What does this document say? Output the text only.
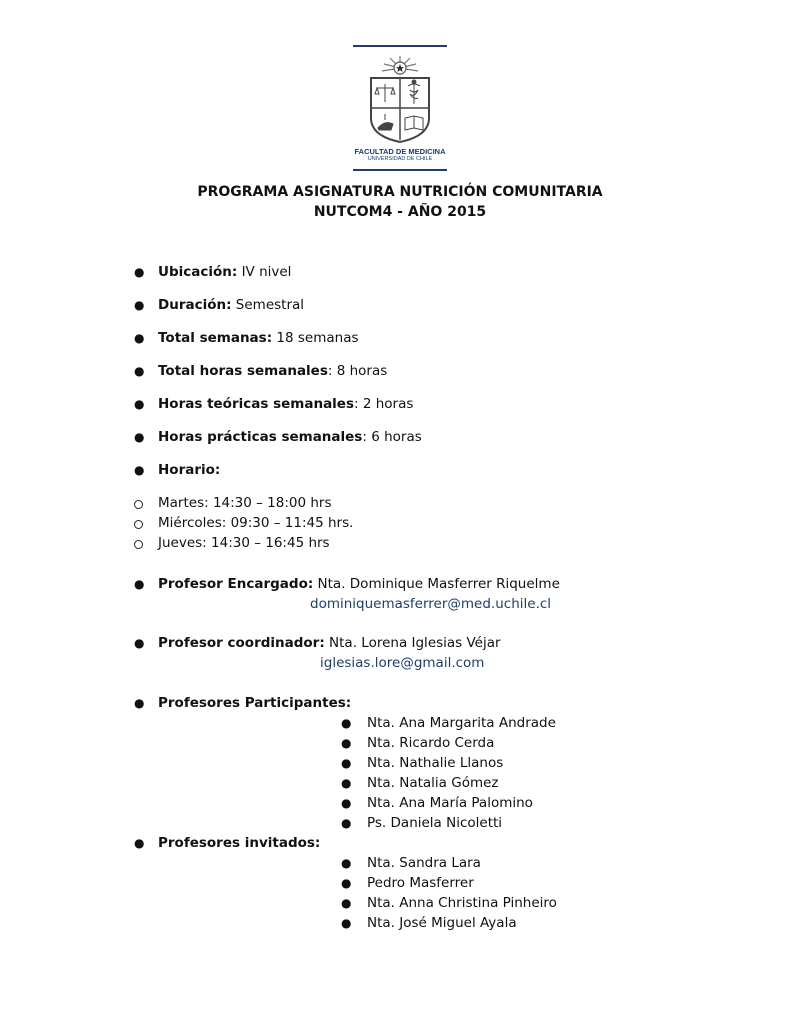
FACULTAD DE MEDICINA
UNIVERSIDAD DE CHILE
PROGRAMA ASIGNATURA NUTRICIÓN COMUNITARIA
NUTCOM4 - AÑO 2015
● Ubicación: IV nivel
● Duración: Semestral
● Total semanas: 18 semanas
● Total horas semanales: 8 horas
● Horas teóricas semanales: 2 horas
● Horas prácticas semanales: 6 horas
● Horario:
Martes: 14:30 – 18:00 hrs
Miércoles: 09:30 – 11:45 hrs.
Jueves: 14:30 – 16:45 hrs
● Profesor Encargado: Nta. Dominique Masferrer Riquelme
dominiquemasferrer@med.uchile.cl
● Profesor coordinador: Nta. Lorena Iglesias Véjar
iglesias.lore@gmail.com
● Profesores Participantes:
● Nta. Ana Margarita Andrade
● Nta. Ricardo Cerda
● Nta. Nathalie Llanos
● Nta. Natalia Gómez
● Nta. Ana María Palomino
● Ps. Daniela Nicoletti
● Profesores invitados:
● Nta. Sandra Lara
● Pedro Masferrer
● Nta. Anna Christina Pinheiro
● Nta. José Miguel Ayala
